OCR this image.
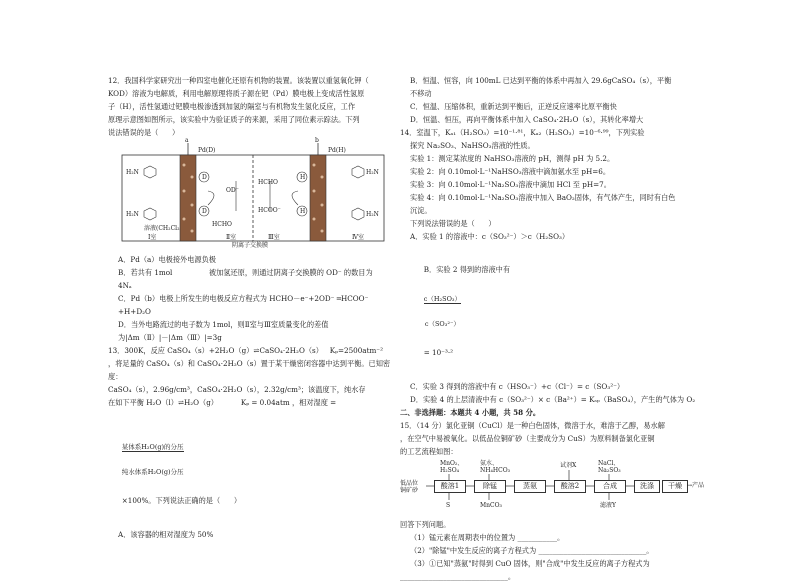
12．我国科学家研究出一种四室电催化还原有机物的装置。该装置以重氢氧化钾（

KOD）溶液为电解质，利用电解原理将质子源在钯（Pd）膜电极上变成活性氢原

子（H），活性氢通过钯膜电极渗透到加氢的隔室与有机物发生氢化反应，工作

原理示意图如图所示，该实验中为验证质子的来源，采用了同位素示踪法。下列

说法错误的是（      ）

a	b
Pd(D)	Pd(H)
H₂N
H₂N
H₂N
H₂N
D
D
H
H
OD⁻
HCHO
HCOO⁻
HCHO
溶液(CH₂Cl₂
Ⅰ室	Ⅱ室	Ⅲ室	Ⅳ室
阴离子交换膜

A．Pd（a）电极接外电源负极

B．若共有 1mol                被加氢还原，则通过阴离子交换膜的 OD⁻ 的数目为

4Nₐ

C．Pd（b）电极上所发生的电极反应方程式为 HCHO－e⁻+2OD⁻ ═HCOO⁻

+H+D₂O

D．当外电路流过的电子数为 1mol，则Ⅱ室与Ⅲ室质量变化的差值

为|Δm（Ⅱ）|－|Δm（Ⅲ）|=3g

13．300K，反应 CaSO₄（s）+2H₂O（g）⇌CaSO₄·2H₂O（s）   Kₚ=2500atm⁻²

，将足量的 CaSO₄（s）和 CaSO₄·2H₂O（s）置于某干燥密闭容器中达到平衡。已知密度：

CaSO₄（s），2.96g/cm³，CaSO₄·2H₂O（s），2.32g/cm³；该温度下，纯水存

在如下平衡 H₂O（l）⇌H₂O（g）          Kₚ = 0.04atm ，相对湿度 =

$\frac{\text{某体系H₂O(g)的分压}}{\text{纯水体系H₂O(g)分压}}$

×100%。下列说法正确的是（      ）

A．该容器的相对湿度为 50%

B．恒温、恒容，向 100mL 已达到平衡的体系中再加入 29.6gCaSO₄（s），平衡

不移动

C．恒温、压缩体积，重新达到平衡后，正逆反应速率比原平衡快

D．恒温、恒压，再向平衡体系中加入 CaSO₄·2H₂O（s），其转化率增大

14．室温下，Kₐ₁（H₂SO₃）=10⁻¹·⁸¹，Kₐ₂（H₂SO₃）=10⁻⁶·⁹⁹，下列实验

探究 Na₂SO₃、NaHSO₃溶液的性质。

实验 1：测定某浓度的 NaHSO₃溶液的 pH，测得 pH 为 5.2。

实验 2：向 0.10mol·L⁻¹NaHSO₃溶液中滴加氨水至 pH=6。

实验 3：向 0.10mol·L⁻¹Na₂SO₃溶液中滴加 HCl 至 pH=7。

实验 4：向 0.10mol·L⁻¹Na₂SO₃溶液中加入 BaO₂固体，有气体产生，同时有白色

沉淀。

下列说法错误的是（      ）

A．实验 1 的溶液中：c（SO₃²⁻）＞c（H₂SO₃）

B．实验 2 得到的溶液中有

$\frac{\text{c（H₂SO₃）}}{\text{c（SO₃²⁻）}}$

= 10⁻³·²

C．实验 3 得到的溶液中有 c（HSO₃⁻）+c（Cl⁻）= c（SO₃²⁻）

D．实验 4 的上层清液中有 c（SO₃²⁻）× c（Ba²⁺）= Kₛₚ（BaSO₄），产生的气体为 O₂

二、非选择题：本题共 4 小题，共 58 分。

15．（14 分）氯化亚铜（CuCl）是一种白色固体，微溶于水，难溶于乙醇，易水解

，在空气中易被氧化。以低品位铜矿砂（主要成分为 CuS）为原料制备氯化亚铜

的工艺流程如图：

低品位
铜矿砂
MnO₂、
H₂SO₄
氨水、
NH₄HCO₃
试剂X	NaCl、
Na₂SO₃
酸溶1	除锰	蒸氨	酸溶2	合成	洗涤	干燥 →产品
S	MnCO₃	滤液Y

回答下列问题。

（1）锰元素在周期表中的位置为 ___________。

（2）"除锰"中发生反应的离子方程式为 ______________________________。

（3）①已知"蒸氨"时得到 CuO 固体，则"合成"中发生反应的离子方程式为

______________________________。
